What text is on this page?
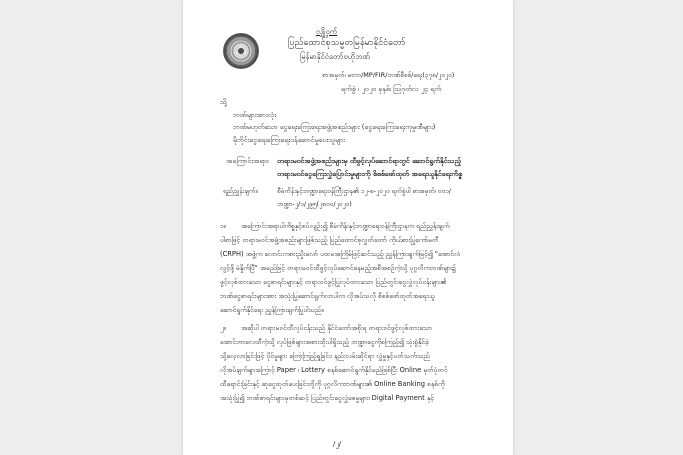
လျှို့ဝှက်
ပြည်ထောင်စုသမ္မတမြန်မာနိုင်ငံတော်
မြန်မာနိုင်ငံတော်ဗဟိုဘဏ်
စာအမှတ်၊ မဗဘ/MP/FIR/ဘဏ်စီစစ်/ရေး(၃၇၈/၂၀၂၀)
ရက်စွဲ ၊ ၂၀၂၀ ခုနှစ်၊ ဩဂုတ်လ ၂၄ ရက်
သို့
ဘဏ်များအားလုံး
ဘဏ်မဟုတ်သော ငွေရေးကြေးရေးအဖွဲ့အစည်းများ (ငွေရေးကြေးရေးကုမ္ပဏီများ)
မိုဘိုင်းငွေရေးကြေးရေးဝန်ဆောင်မှုပေးသူများ
အကြောင်းအရာ။ တရားမဝင်အဖွဲ့အစည်းများမှ ထီဖွင့်လုပ်ဆောင်ရာတွင် ဆောင်ရွက်နိုင်သည့်
တရားမဝင်ငွေကြေးလွှဲပြောင်းမှုများကို စိစစ်ဖော်ထုတ် အရေးယူနိုင်ရေးကိစ္စ
ရည်ညွှန်းချက်။	စီမံကိန်းနှင့်ဘဏ္ဍာရေးဝန်ကြီးဌာန၏ ၁၂-၈-၂၀၂၀ ရက်စွဲပါ စာအမှတ်၊ ၀၀၁/
ဘဏ္ဍာ-၂/၁/၂၉၅(၂၈၀၀/၂၀၂၀)
၁။ အကြောင်းအရာပါကိစ္စနှင့်စပ်လျဉ်း၍ စီမံကိန်းနှင့်ဘဏ္ဍာရေးဝန်ကြီးဌာနက ရည်ညွှန်းချက်
ပါစာဖြင့် တရားမဝင်အဖွဲ့အစည်းများဖြစ်သည့် ပြည်ထောင်စုလွှတ်တော် ကိုယ်စားပြုကော်မတီ
(CRPH) အဖွဲ့က လောင်းကစားညှိုးလော် ပထမအကြိမ်ဖြင့်ဆင်သည့် ညွှန်ကြားချက်မြင့်၍ "အောင်လံ
လွင့်ဖို့ မဲနှိုက်ပြီ" အမည်ဖြင့် တရားမဝင်ထီဖွင့်လုပ်ဆောင်နေမည့်အစီအစဉ်ကဲ့သို့ ပုဂ္ဂလိကဘဏ်များ၌
ဖွင့်လှစ်ထားသော ငွေစာရင်းများနှင့် တရားဝင်ဖွင့်ပြုလုပ်ထားသော ပြည်တွင်းငွေလွှဲလုပ်ငန်းများ၏
ဘဏ်ငွေစာရင်းများအား အသုံးပြုဆောင်ရွက်လာပါက လိုအပ်သလို စိစစ်ဖော်ထုတ်အရေးယူ
ဆောင်ရွက်နိုင်ရေး ညွှန်ကြားချက်ပြုပါသည်။
၂။ အဆိုပါ တရားမဝင်ထီလုပ်ငန်းသည် နိုင်ငံတော်အစိုးရ တရားဝင်ဖွင့်လှစ်ထားသော
အောင်ဘာလေထီကဲ့သို့ လုပ်ဖြစ်များအစားထိုးပါရှိသည့် ဘဏ္ဍာငွေကိုစကြည့်၍ သုံးစွဲနိုင်ခဲ့
သို့လေ့လာခြင်းဖြင့် ပိုင်မှုများ ကြေးကြည့်ရှုခြင်း၊ နည်းလမ်းဆိုင်ရာ လွှဲမှုနှင့်ပတ်သက်သည်
လိုအပ်ချက်များကြောင့် Paper ၊ Lottery စနစ်ဆောင်ရွက်နိုင်မည်ဖြစ်ပြီး Online မှတ်ပုံတင်
ထီရောင်းခြင်းနှင့် ဆုငွေထုတ်ပေးခြင်းတို့ကို ပုဂ္ဂလိကဘဏ်များ၏ Online Banking စနစ်ကို
အသုံးပြု၍ ဘဏ်စာရင်းများမှတစ်ဆင့် ပြည်တွင်းငွေလွှဲစေမှုများ၊ Digital Payment နှင့်
/၂/
